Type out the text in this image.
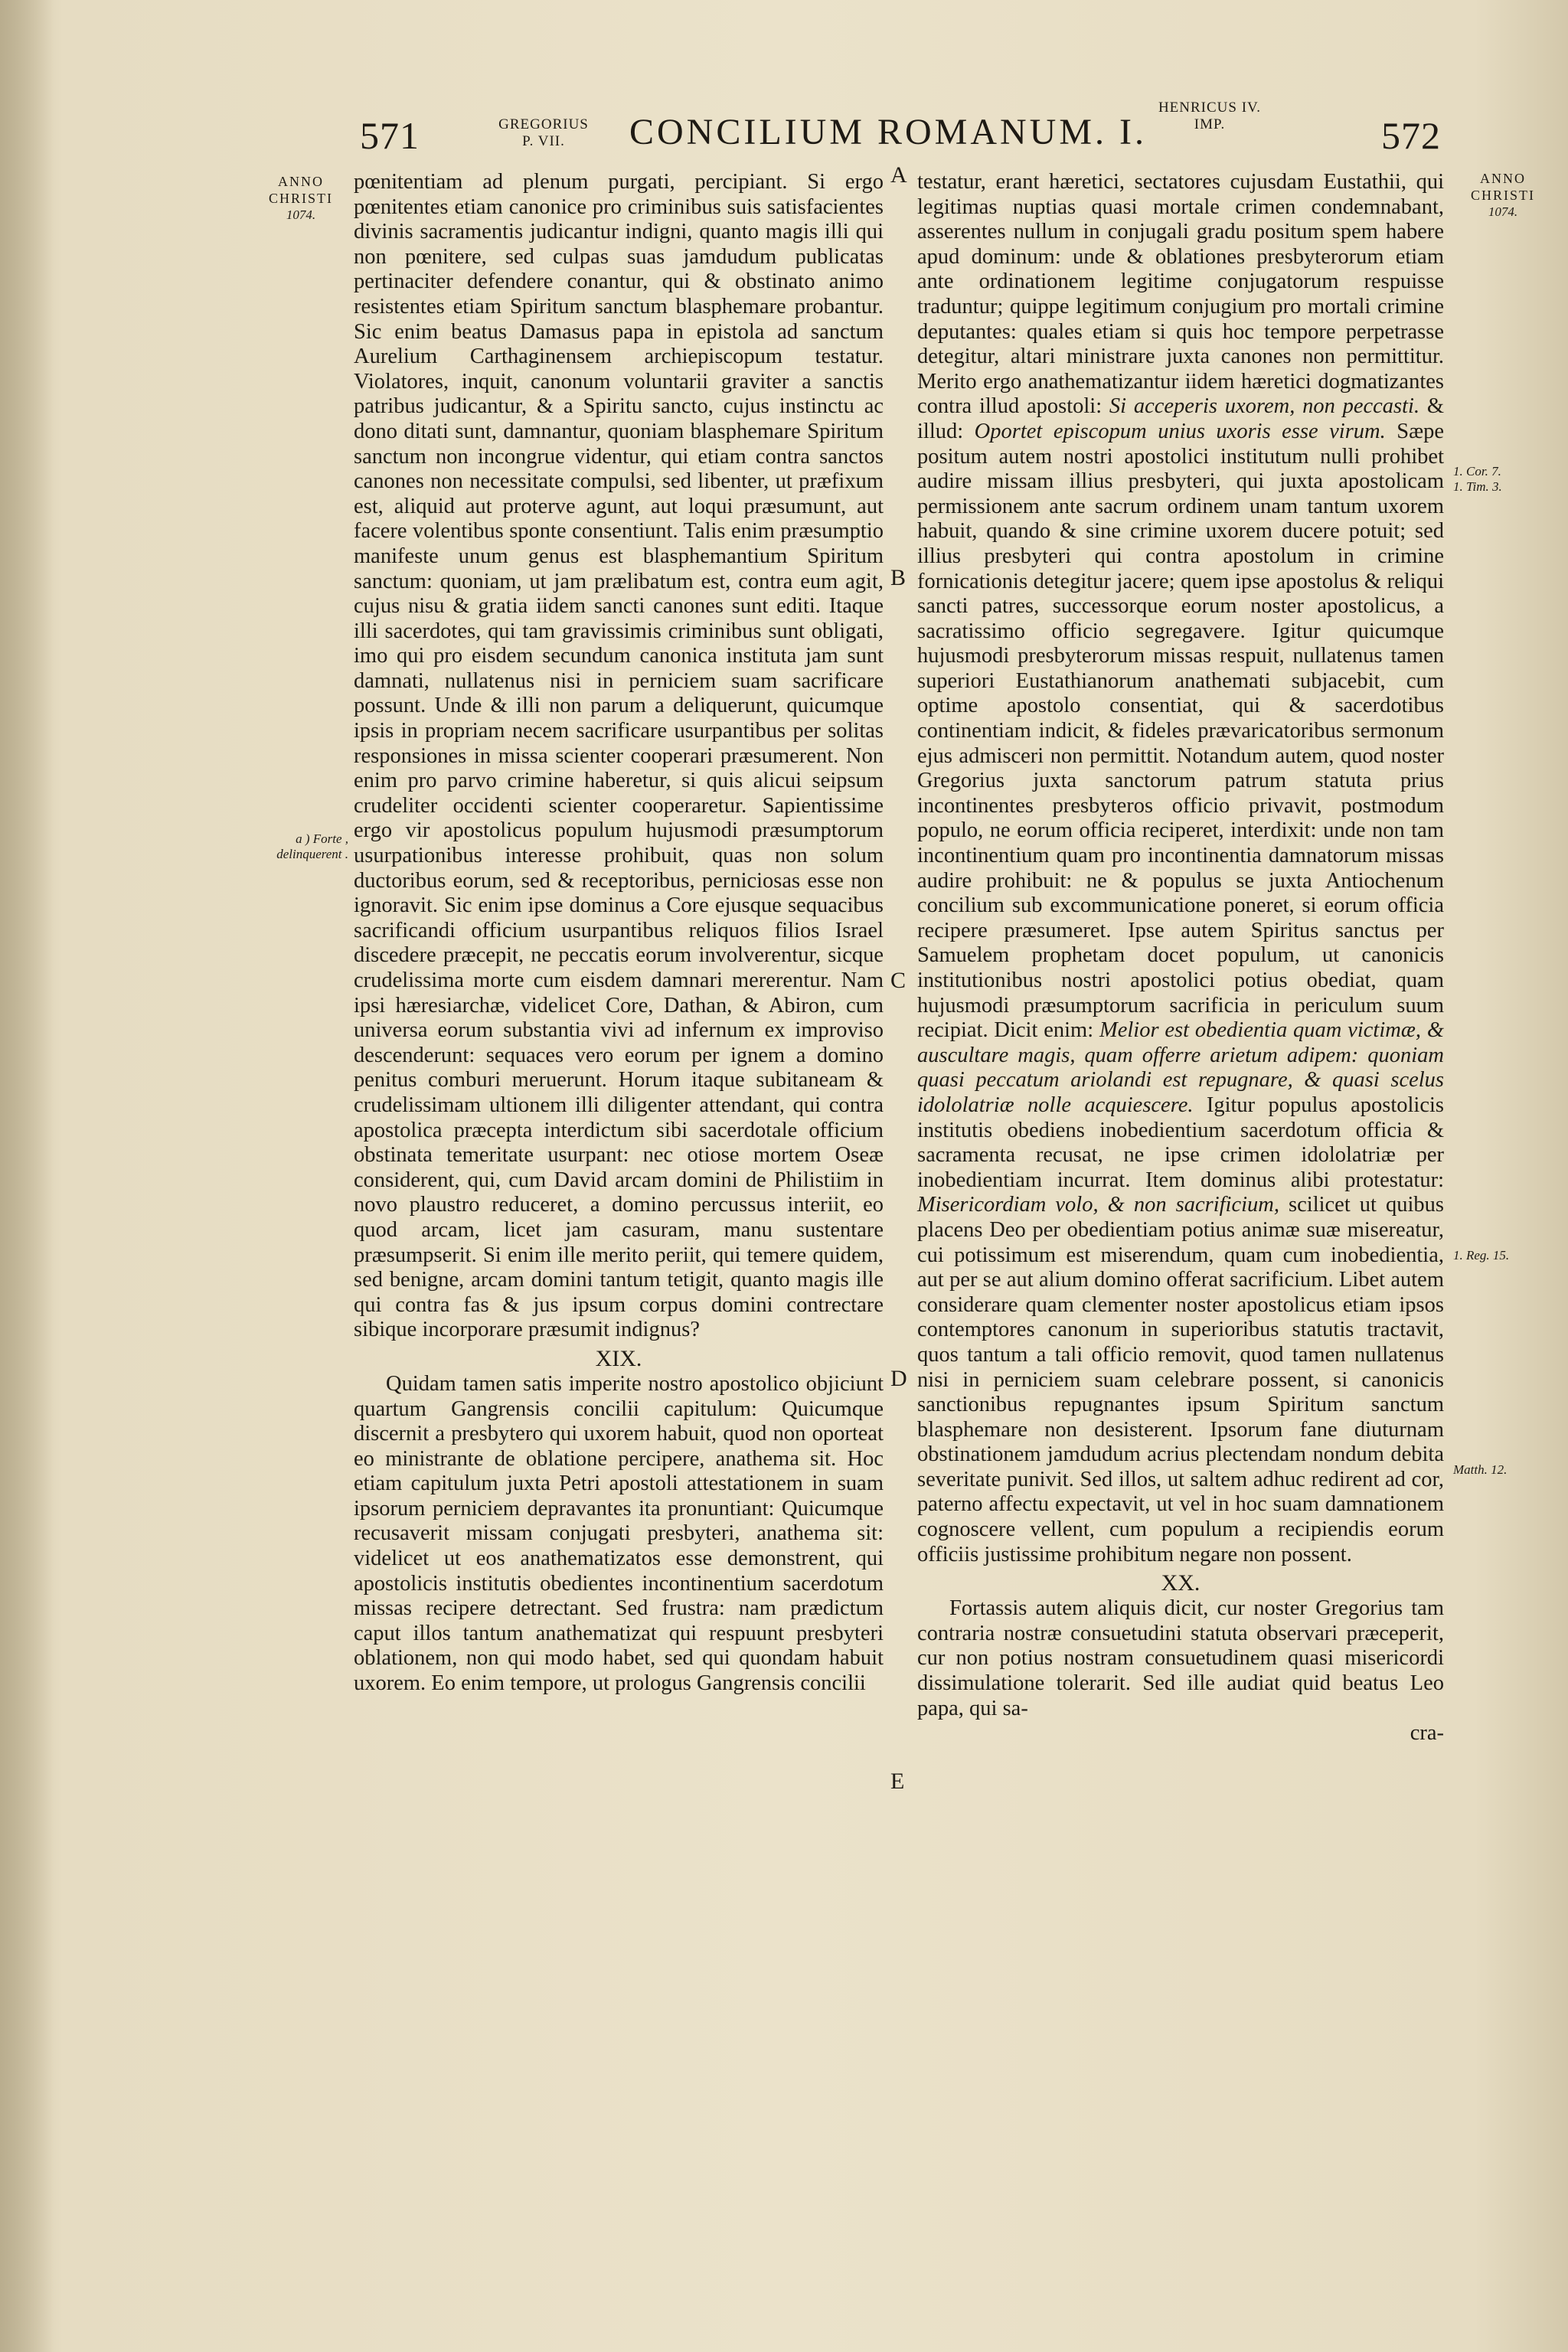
571	GREGORIUS
P. VII.	CONCILIUM ROMANUM. I.
HENRICUS IV.
IMP.	572
ANNO
CHRISTI
1074.
a ) Forte ,
delinquerent .
ANNO
CHRISTI
1074.
1. Cor. 7.
1. Tim. 3.
1. Reg. 15.
Matth. 12.
A
B
C
D
E

pœnitentiam ad plenum purgati, percipiant. Si ergo pœnitentes etiam canonice pro criminibus suis satisfacientes divinis sacramentis judicantur indigni, quanto magis illi qui non pœnitere, sed culpas suas jamdudum publicatas pertinaciter defendere conantur, qui & obstinato animo resistentes etiam Spiritum sanctum blasphemare probantur. Sic enim beatus Damasus papa in epistola ad sanctum Aurelium Carthaginensem archiepiscopum testatur. Violatores, inquit, canonum voluntarii graviter a sanctis patribus judicantur, & a Spiritu sancto, cujus instinctu ac dono ditati sunt, damnantur, quoniam blasphemare Spiritum sanctum non incongrue videntur, qui etiam contra sanctos canones non necessitate compulsi, sed libenter, ut præfixum est, aliquid aut proterve agunt, aut loqui præsumunt, aut facere volentibus sponte consentiunt. Talis enim præsumptio manifeste unum genus est blasphemantium Spiritum sanctum: quoniam, ut jam prælibatum est, contra eum agit, cujus nisu & gratia iidem sancti canones sunt editi. Itaque illi sacerdotes, qui tam gravissimis criminibus sunt obligati, imo qui pro eisdem secundum canonica instituta jam sunt damnati, nullatenus nisi in perniciem suam sacrificare possunt. Unde & illi non parum a deliquerunt, quicumque ipsis in propriam necem sacrificare usurpantibus per solitas responsiones in missa scienter cooperari præsumerent. Non enim pro parvo crimine haberetur, si quis alicui seipsum crudeliter occidenti scienter cooperaretur. Sapientissime ergo vir apostolicus populum hujusmodi præsumptorum usurpationibus interesse prohibuit, quas non solum ductoribus eorum, sed & receptoribus, perniciosas esse non ignoravit. Sic enim ipse dominus a Core ejusque sequacibus sacrificandi officium usurpantibus reliquos filios Israel discedere præcepit, ne peccatis eorum involverentur, sicque crudelissima morte cum eisdem damnari mererentur. Nam ipsi hæresiarchæ, videlicet Core, Dathan, & Abiron, cum universa eorum substantia vivi ad infernum ex improviso descenderunt: sequaces vero eorum per ignem a domino penitus comburi meruerunt. Horum itaque subitaneam & crudelissimam ultionem illi diligenter attendant, qui contra apostolica præcepta interdictum sibi sacerdotale officium obstinata temeritate usurpant: nec otiose mortem Oseæ considerent, qui, cum David arcam domini de Philistiim in novo plaustro reduceret, a domino percussus interiit, eo quod arcam, licet jam casuram, manu sustentare præsumpserit. Si enim ille merito periit, qui temere quidem, sed benigne, arcam domini tantum tetigit, quanto magis ille qui contra fas & jus ipsum corpus domini contrectare sibique incorporare præsumit indignus?

XIX.

Quidam tamen satis imperite nostro apostolico objiciunt quartum Gangrensis concilii capitulum: Quicumque discernit a presbytero qui uxorem habuit, quod non oporteat eo ministrante de oblatione percipere, anathema sit. Hoc etiam capitulum juxta Petri apostoli attestationem in suam ipsorum perniciem depravantes ita pronuntiant: Quicumque recusaverit missam conjugati presbyteri, anathema sit: videlicet ut eos anathematizatos esse demonstrent, qui apostolicis institutis obedientes incontinentium sacerdotum missas recipere detrectant. Sed frustra: nam prædictum caput illos tantum anathematizat qui respuunt presbyteri oblationem, non qui modo habet, sed qui quondam habuit uxorem. Eo enim tempore, ut prologus Gangrensis concilii

testatur, erant hæretici, sectatores cujusdam Eustathii, qui legitimas nuptias quasi mortale crimen condemnabant, asserentes nullum in conjugali gradu positum spem habere apud dominum: unde & oblationes presbyterorum etiam ante ordinationem legitime conjugatorum respuisse traduntur; quippe legitimum conjugium pro mortali crimine deputantes: quales etiam si quis hoc tempore perpetrasse detegitur, altari ministrare juxta canones non permittitur. Merito ergo anathematizantur iidem hæretici dogmatizantes contra illud apostoli: Si acceperis uxorem, non peccasti. & illud: Oportet episcopum unius uxoris esse virum. Sæpe positum autem nostri apostolici institutum nulli prohibet audire missam illius presbyteri, qui juxta apostolicam permissionem ante sacrum ordinem unam tantum uxorem habuit, quando & sine crimine uxorem ducere potuit; sed illius presbyteri qui contra apostolum in crimine fornicationis detegitur jacere; quem ipse apostolus & reliqui sancti patres, successorque eorum noster apostolicus, a sacratissimo officio segregavere. Igitur quicumque hujusmodi presbyterorum missas respuit, nullatenus tamen superiori Eustathianorum anathemati subjacebit, cum optime apostolo consentiat, qui & sacerdotibus continentiam indicit, & fideles prævaricatoribus sermonum ejus admisceri non permittit. Notandum autem, quod noster Gregorius juxta sanctorum patrum statuta prius incontinentes presbyteros officio privavit, postmodum populo, ne eorum officia reciperet, interdixit: unde non tam incontinentium quam pro incontinentia damnatorum missas audire prohibuit: ne & populus se juxta Antiochenum concilium sub excommunicatione poneret, si eorum officia recipere præsumeret. Ipse autem Spiritus sanctus per Samuelem prophetam docet populum, ut canonicis institutionibus nostri apostolici potius obediat, quam hujusmodi præsumptorum sacrificia in periculum suum recipiat. Dicit enim: Melior est obedientia quam victimæ, & auscultare magis, quam offerre arietum adipem: quoniam quasi peccatum ariolandi est repugnare, & quasi scelus idololatriæ nolle acquiescere. Igitur populus apostolicis institutis obediens inobedientium sacerdotum officia & sacramenta recusat, ne ipse crimen idololatriæ per inobedientiam incurrat. Item dominus alibi protestatur: Misericordiam volo, & non sacrificium, scilicet ut quibus placens Deo per obedientiam potius animæ suæ misereatur, cui potissimum est miserendum, quam cum inobedientia, aut per se aut alium domino offerat sacrificium. Libet autem considerare quam clementer noster apostolicus etiam ipsos contemptores canonum in superioribus statutis tractavit, quos tantum a tali officio removit, quod tamen nullatenus nisi in perniciem suam celebrare possent, si canonicis sanctionibus repugnantes ipsum Spiritum sanctum blasphemare non desisterent. Ipsorum fane diuturnam obstinationem jamdudum acrius plectendam nondum debita severitate punivit. Sed illos, ut saltem adhuc redirent ad cor, paterno affectu expectavit, ut vel in hoc suam damnationem cognoscere vellent, cum populum a recipiendis eorum officiis justissime prohibitum negare non possent.

XX.

Fortassis autem aliquis dicit, cur noster Gregorius tam contraria nostræ consuetudini statuta observari præceperit, cur non potius nostram consuetudinem quasi misericordi dissimulatione tolerarit. Sed ille audiat quid beatus Leo papa, qui sa-

cra-
